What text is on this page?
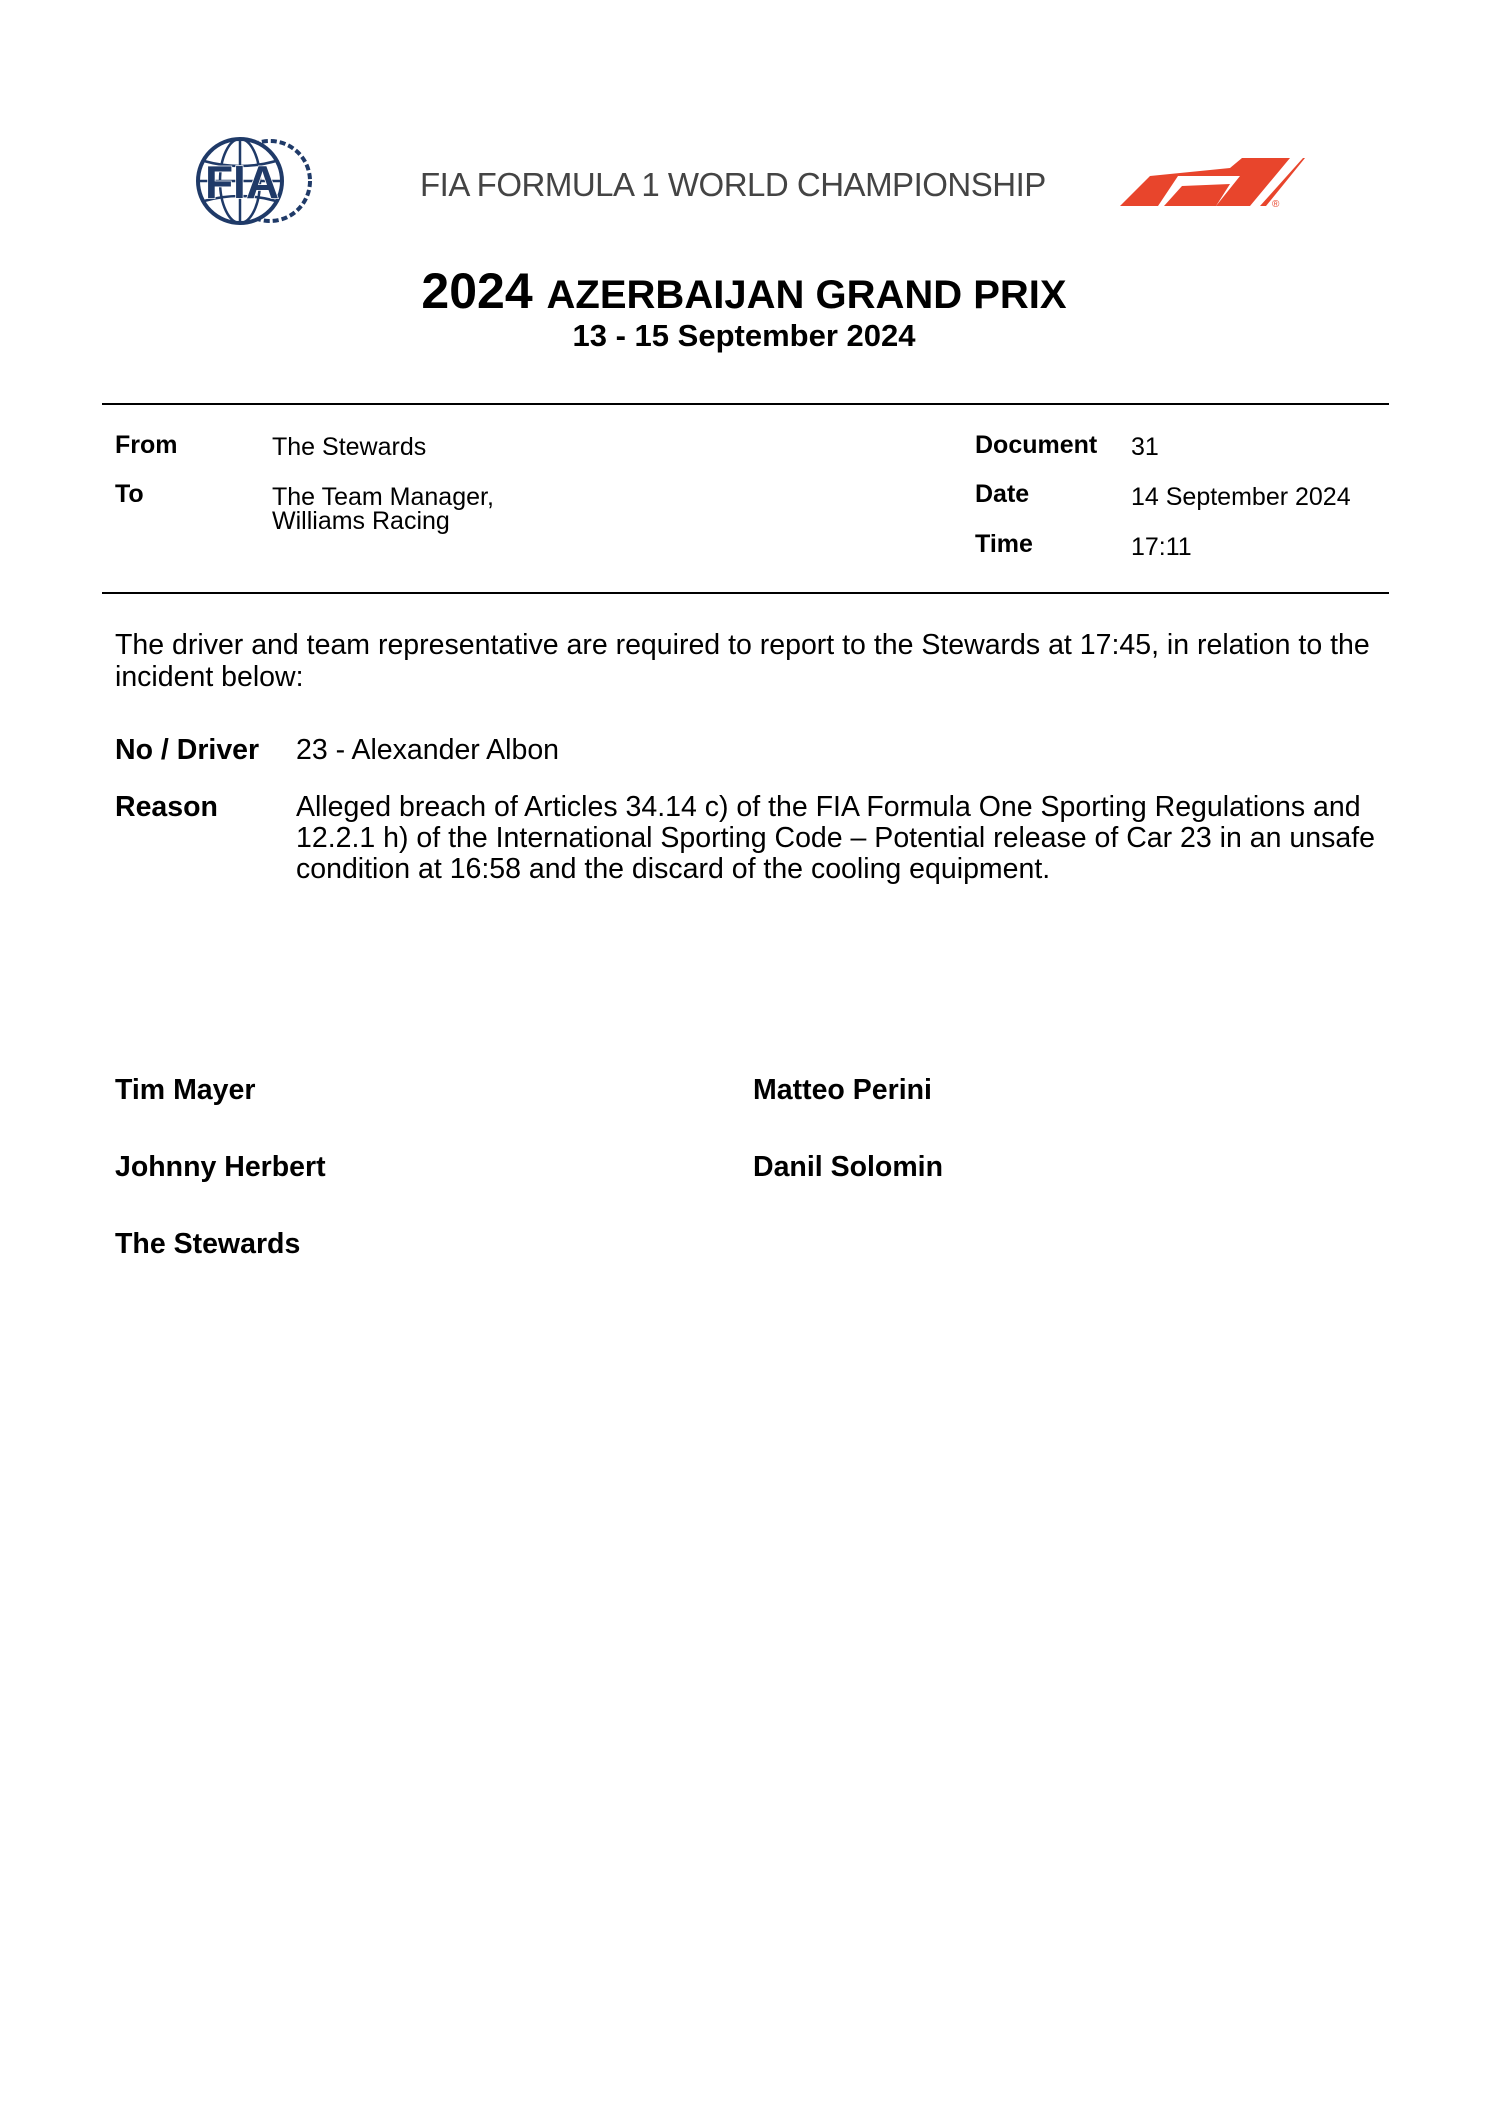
FIA	FIA FORMULA 1 WORLD CHAMPIONSHIP
®
2024 AZERBAIJAN GRAND PRIX
13 - 15 September 2024
From	The Stewards
To	The Team Manager,
Williams Racing
Document 31
Date	14 September 2024
Time	17:11
The driver and team representative are required to report to the Stewards at 17:45, in relation to the incident below:
No / Driver 23 - Alexander Albon
Reason	Alleged breach of Articles 34.14 c) of the FIA Formula One Sporting Regulations and 12.2.1 h) of the International Sporting Code – Potential release of Car 23 in an unsafe condition at 16:58 and the discard of the cooling equipment.
Tim Mayer	Matteo Perini
Johnny Herbert	Danil Solomin
The Stewards
